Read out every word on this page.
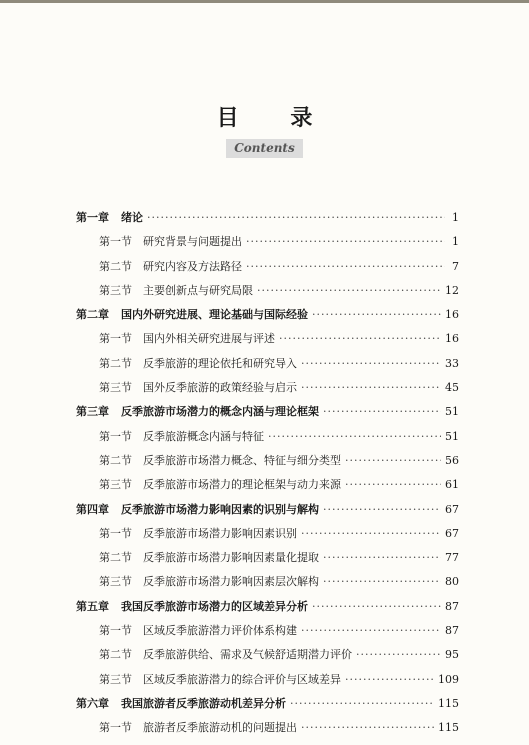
目 录
Contents
第一章	绪论 ·····	1
第一节	研究背景与问题提出 ·····	1
第二节	研究内容及方法路径 ·····	7
第三节	主要创新点与研究局限 ·····	12
第二章	国内外研究进展、理论基础与国际经验 ·····	16
第一节	国内外相关研究进展与评述 ·····	16
第二节	反季旅游的理论依托和研究导入 ·····	33
第三节	国外反季旅游的政策经验与启示 ·····	45
第三章	反季旅游市场潜力的概念内涵与理论框架 ·····	51
第一节	反季旅游概念内涵与特征 ·····	51
第二节	反季旅游市场潜力概念、特征与细分类型 ·····	56
第三节	反季旅游市场潜力的理论框架与动力来源 ·····	61
第四章	反季旅游市场潜力影响因素的识别与解构 ·····	67
第一节	反季旅游市场潜力影响因素识别 ·····	67
第二节	反季旅游市场潜力影响因素量化提取 ·····	77
第三节	反季旅游市场潜力影响因素层次解构 ·····	80
第五章	我国反季旅游市场潜力的区域差异分析 ·····	87
第一节	区域反季旅游潜力评价体系构建 ·····	87
第二节	反季旅游供给、需求及气候舒适期潜力评价 ·····	95
第三节	区域反季旅游潜力的综合评价与区域差异 ·····	109
第六章	我国旅游者反季旅游动机差异分析 ·····	115
第一节	旅游者反季旅游动机的问题提出 ·····	115
